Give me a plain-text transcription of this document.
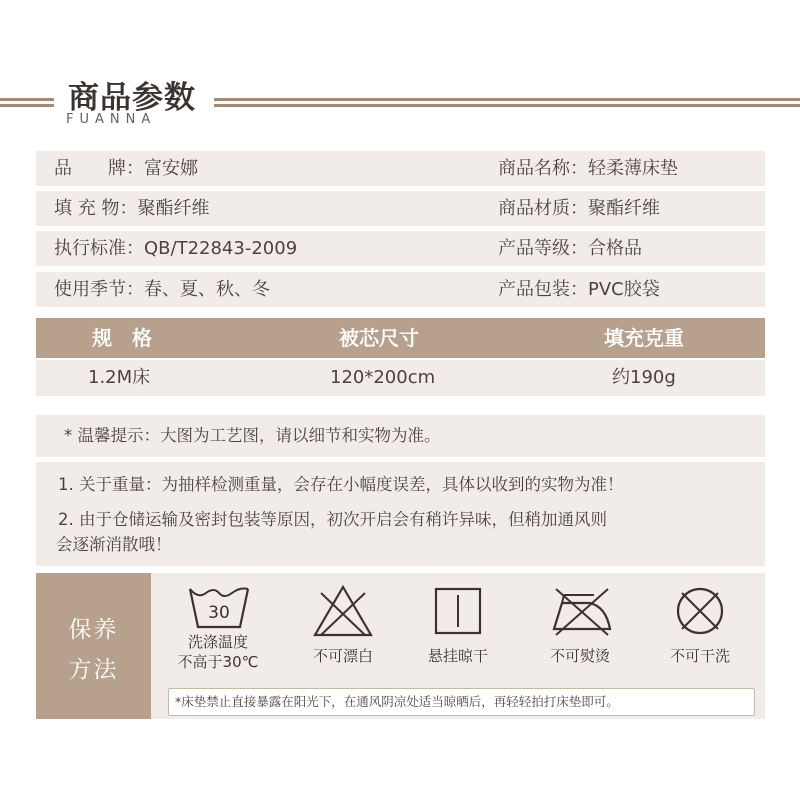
商品参数
FUANNA
品　　牌：富安娜	商品名称：轻柔薄床垫
填 充 物：聚酯纤维	商品材质：聚酯纤维
执行标准：QB/T22843-2009	产品等级：合格品
使用季节：春、夏、秋、冬	产品包装：PVC胶袋
规　格	被芯尺寸	填充克重
1.2M床	120*200cm	约190g
* 温馨提示：大图为工艺图，请以细节和实物为准。
1. 关于重量：为抽样检测重量，会存在小幅度误差，具体以收到的实物为准！
2. 由于仓储运输及密封包装等原因，初次开启会有稍许异味，但稍加通风则
会逐渐消散哦！
保养
方法
30
洗涤温度
不高于30℃	不可漂白	悬挂晾干	不可熨烫	不可干洗
*床垫禁止直接暴露在阳光下，在通风阴凉处适当晾晒后，再轻轻拍打床垫即可。
